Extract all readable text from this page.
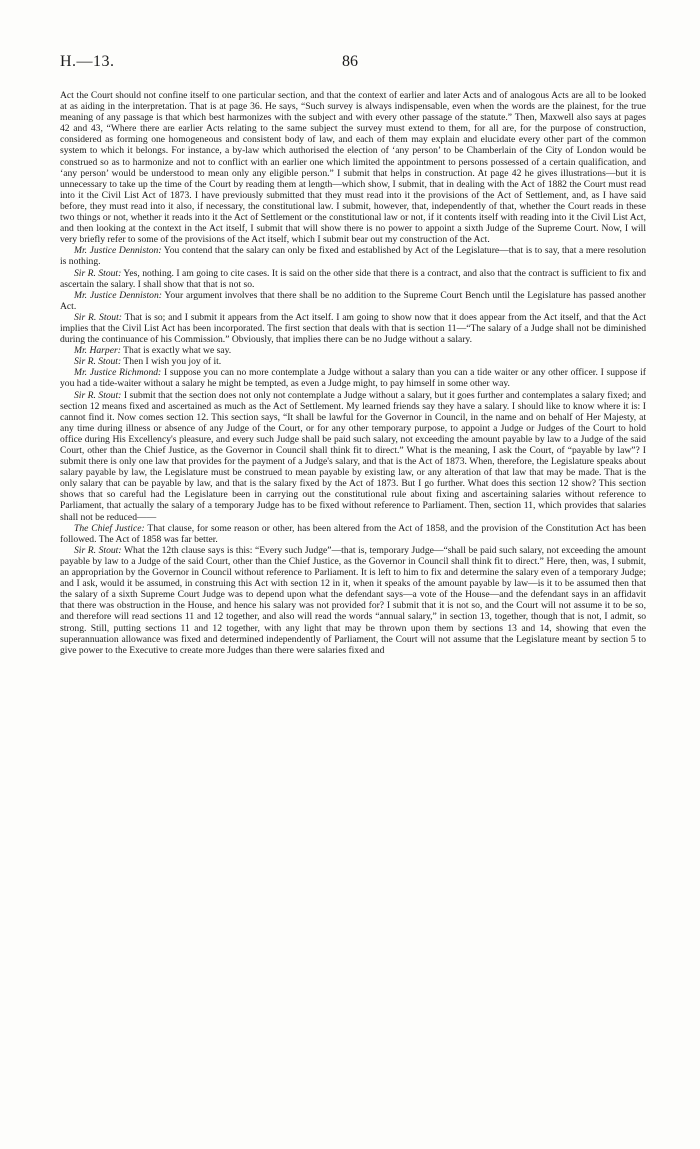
H.—13.	86

Act the Court should not confine itself to one particular section, and that the context of earlier and later Acts and of analogous Acts are all to be looked at as aiding in the interpretation. That is at page 36. He says, “Such survey is always indispensable, even when the words are the plainest, for the true meaning of any passage is that which best harmonizes with the subject and with every other passage of the statute.” Then, Maxwell also says at pages 42 and 43, “Where there are earlier Acts relating to the same subject the survey must extend to them, for all are, for the purpose of construction, considered as forming one homogeneous and consistent body of law, and each of them may explain and elucidate every other part of the common system to which it belongs. For instance, a by-law which authorised the election of ‘any person’ to be Chamberlain of the City of London would be construed so as to harmonize and not to conflict with an earlier one which limited the appointment to persons possessed of a certain qualification, and ‘any person’ would be understood to mean only any eligible person.” I submit that helps in construction. At page 42 he gives illustrations—but it is unnecessary to take up the time of the Court by reading them at length—which show, I submit, that in dealing with the Act of 1882 the Court must read into it the Civil List Act of 1873. I have previously submitted that they must read into it the provisions of the Act of Settlement, and, as I have said before, they must read into it also, if necessary, the constitutional law. I submit, however, that, independently of that, whether the Court reads in these two things or not, whether it reads into it the Act of Settlement or the constitutional law or not, if it contents itself with reading into it the Civil List Act, and then looking at the context in the Act itself, I submit that will show there is no power to appoint a sixth Judge of the Supreme Court. Now, I will very briefly refer to some of the provisions of the Act itself, which I submit bear out my construction of the Act.

Mr. Justice Denniston: You contend that the salary can only be fixed and established by Act of the Legislature—that is to say, that a mere resolution is nothing.

Sir R. Stout: Yes, nothing. I am going to cite cases. It is said on the other side that there is a contract, and also that the contract is sufficient to fix and ascertain the salary. I shall show that that is not so.

Mr. Justice Denniston: Your argument involves that there shall be no addition to the Supreme Court Bench until the Legislature has passed another Act.

Sir R. Stout: That is so; and I submit it appears from the Act itself. I am going to show now that it does appear from the Act itself, and that the Act implies that the Civil List Act has been incorporated. The first section that deals with that is section 11—“The salary of a Judge shall not be diminished during the continuance of his Commission.” Obviously, that implies there can be no Judge without a salary.

Mr. Harper: That is exactly what we say.

Sir R. Stout: Then I wish you joy of it.

Mr. Justice Richmond: I suppose you can no more contemplate a Judge without a salary than you can a tide waiter or any other officer. I suppose if you had a tide-waiter without a salary he might be tempted, as even a Judge might, to pay himself in some other way.

Sir R. Stout: I submit that the section does not only not contemplate a Judge without a salary, but it goes further and contemplates a salary fixed; and section 12 means fixed and ascertained as much as the Act of Settlement. My learned friends say they have a salary. I should like to know where it is: I cannot find it. Now comes section 12. This section says, “It shall be lawful for the Governor in Council, in the name and on behalf of Her Majesty, at any time during illness or absence of any Judge of the Court, or for any other temporary purpose, to appoint a Judge or Judges of the Court to hold office during His Excellency's pleasure, and every such Judge shall be paid such salary, not exceeding the amount payable by law to a Judge of the said Court, other than the Chief Justice, as the Governor in Council shall think fit to direct.” What is the meaning, I ask the Court, of “payable by law”? I submit there is only one law that provides for the payment of a Judge's salary, and that is the Act of 1873. When, therefore, the Legislature speaks about salary payable by law, the Legislature must be construed to mean payable by existing law, or any alteration of that law that may be made. That is the only salary that can be payable by law, and that is the salary fixed by the Act of 1873. But I go further. What does this section 12 show? This section shows that so careful had the Legislature been in carrying out the constitutional rule about fixing and ascertaining salaries without reference to Parliament, that actually the salary of a temporary Judge has to be fixed without reference to Parliament. Then, section 11, which provides that salaries shall not be reduced——

The Chief Justice: That clause, for some reason or other, has been altered from the Act of 1858, and the provision of the Constitution Act has been followed. The Act of 1858 was far better.

Sir R. Stout: What the 12th clause says is this: “Every such Judge”—that is, temporary Judge—“shall be paid such salary, not exceeding the amount payable by law to a Judge of the said Court, other than the Chief Justice, as the Governor in Council shall think fit to direct.” Here, then, was, I submit, an appropriation by the Governor in Council without reference to Parliament. It is left to him to fix and determine the salary even of a temporary Judge; and I ask, would it be assumed, in construing this Act with section 12 in it, when it speaks of the amount payable by law—is it to be assumed then that the salary of a sixth Supreme Court Judge was to depend upon what the defendant says—a vote of the House—and the defendant says in an affidavit that there was obstruction in the House, and hence his salary was not provided for? I submit that it is not so, and the Court will not assume it to be so, and therefore will read sections 11 and 12 together, and also will read the words “annual salary,” in section 13, together, though that is not, I admit, so strong. Still, putting sections 11 and 12 together, with any light that may be thrown upon them by sections 13 and 14, showing that even the superannuation allowance was fixed and determined independently of Parliament, the Court will not assume that the Legislature meant by section 5 to give power to the Executive to create more Judges than there were salaries fixed and
